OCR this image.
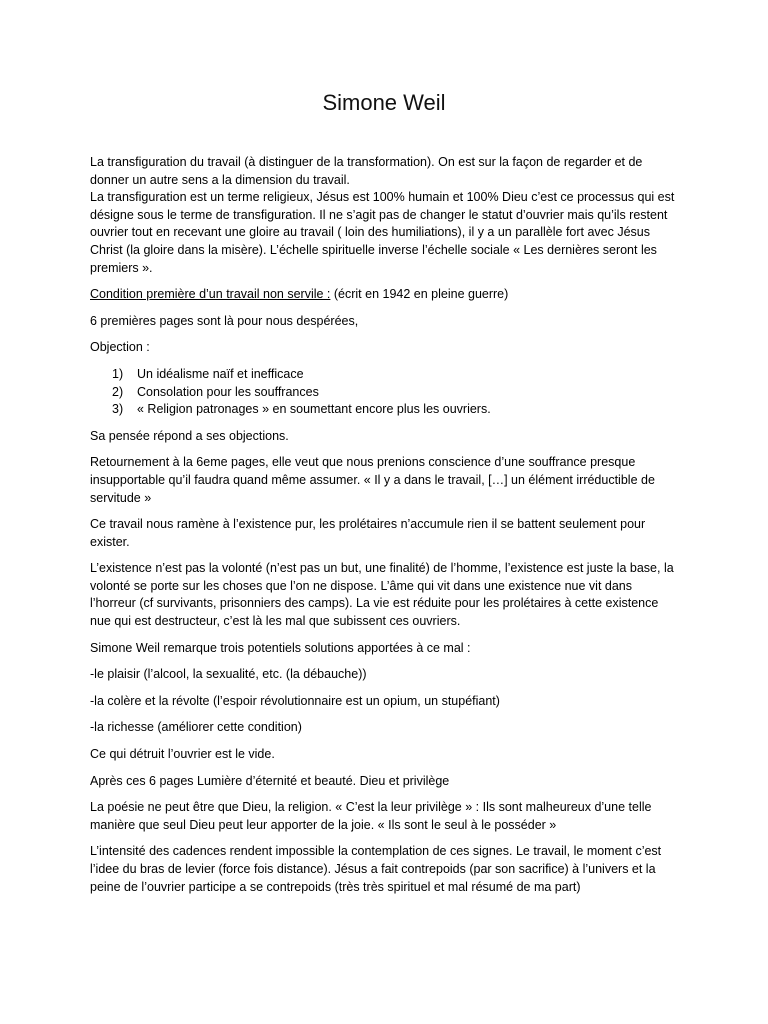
Simone Weil

La transfiguration du travail (à distinguer de la transformation). On est sur la façon de regarder et de donner un autre sens a la dimension du travail.
La transfiguration est un terme religieux, Jésus est 100% humain et 100% Dieu c’est ce processus qui est désigne sous le terme de transfiguration. Il ne s’agit pas de changer le statut d’ouvrier mais qu’ils restent ouvrier tout en recevant une gloire au travail ( loin des humiliations), il y a un parallèle fort avec Jésus Christ (la gloire dans la misère). L’échelle spirituelle inverse l’échelle sociale « Les dernières seront les premiers ».

Condition première d’un travail non servile : (écrit en 1942 en pleine guerre)

6 premières pages sont là pour nous despérées,

Objection :

1) Un idéalisme naïf et inefficace
2) Consolation pour les souffrances
3) « Religion patronages » en soumettant encore plus les ouvriers.

Sa pensée répond a ses objections.

Retournement à la 6eme pages, elle veut que nous prenions conscience d’une souffrance presque insupportable qu’il faudra quand même assumer. « Il y a dans le travail, […] un élément irréductible de servitude »

Ce travail nous ramène à l’existence pur, les prolétaires n’accumule rien il se battent seulement pour exister.

L’existence n’est pas la volonté (n’est pas un but, une finalité) de l’homme, l’existence est juste la base, la volonté se porte sur les choses que l’on ne dispose. L’âme qui vit dans une existence nue vit dans l’horreur (cf survivants, prisonniers des camps). La vie est réduite pour les prolétaires à cette existence nue qui est destructeur, c’est là les mal que subissent ces ouvriers.

Simone Weil remarque trois potentiels solutions apportées à ce mal :

-le plaisir (l’alcool, la sexualité, etc. (la débauche))

-la colère et la révolte (l’espoir révolutionnaire est un opium, un stupéfiant)

-la richesse (améliorer cette condition)

Ce qui détruit l’ouvrier est le vide.

Après ces 6 pages Lumière d’éternité et beauté. Dieu et privilège

La poésie ne peut être que Dieu, la religion. « C’est la leur privilège » : Ils sont malheureux d’une telle manière que seul Dieu peut leur apporter de la joie. « Ils sont le seul à le posséder »

L’intensité des cadences rendent impossible la contemplation de ces signes. Le travail, le moment c’est l’idee du bras de levier (force fois distance). Jésus a fait contrepoids (par son sacrifice) à l’univers et la peine de l’ouvrier participe a se contrepoids (très très spirituel et mal résumé de ma part)
